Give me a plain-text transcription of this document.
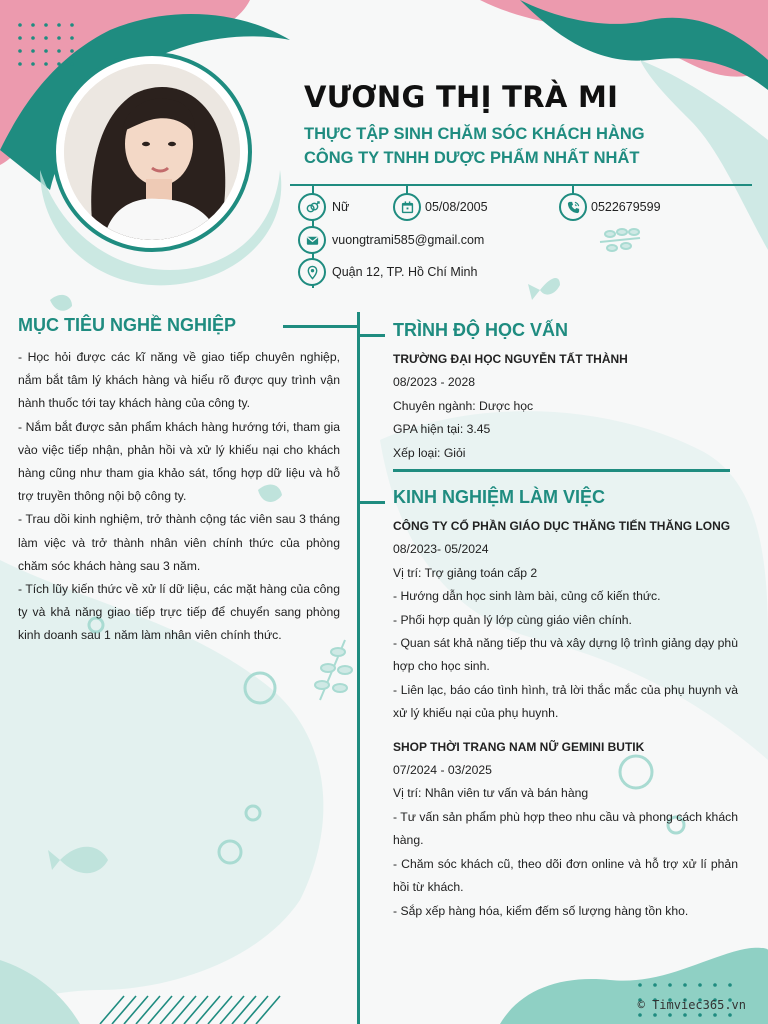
VƯƠNG THỊ TRÀ MI
THỰC TẬP SINH CHĂM SÓC KHÁCH HÀNG
CÔNG TY TNHH DƯỢC PHẨM NHẤT NHẤT
Nữ	05/08/2005	0522679599
vuongtrami585@gmail.com
Quận 12, TP. Hồ Chí Minh
MỤC TIÊU NGHỀ NGHIỆP

- Học hỏi được các kĩ năng về giao tiếp chuyên nghiệp, nắm bắt tâm lý khách hàng và hiểu rõ được quy trình vận hành thuốc tới tay khách hàng của công ty.

- Nắm bắt được sản phẩm khách hàng hướng tới, tham gia vào việc tiếp nhận, phản hồi và xử lý khiếu nại cho khách hàng cũng như tham gia khảo sát, tổng hợp dữ liệu và hỗ trợ truyền thông nội bộ công ty.

- Trau dồi kinh nghiệm, trở thành cộng tác viên sau 3 tháng làm việc và trở thành nhân viên chính thức của phòng chăm sóc khách hàng sau 3 năm.

- Tích lũy kiến thức về xử lí dữ liệu, các mặt hàng của công ty và khả năng giao tiếp trực tiếp để chuyển sang phòng kinh doanh sau 1 năm làm nhân viên chính thức.

TRÌNH ĐỘ HỌC VẤN
TRƯỜNG ĐẠI HỌC NGUYỄN TẤT THÀNH
08/2023 - 2028
Chuyên ngành: Dược học
GPA hiện tại: 3.45
Xếp loại: Giỏi
KINH NGHIỆM LÀM VIỆC
CÔNG TY CỔ PHẦN GIÁO DỤC THĂNG TIẾN THĂNG LONG
08/2023- 05/2024
Vị trí: Trợ giảng toán cấp 2

- Hướng dẫn học sinh làm bài, củng cố kiến thức.

- Phối hợp quản lý lớp cùng giáo viên chính.

- Quan sát khả năng tiếp thu và xây dựng lộ trình giảng dạy phù hợp cho học sinh.

- Liên lạc, báo cáo tình hình, trả lời thắc mắc của phụ huynh và xử lý khiếu nại của phụ huynh.

SHOP THỜI TRANG NAM NỮ GEMINI BUTIK
07/2024 - 03/2025
Vị trí: Nhân viên tư vấn và bán hàng

- Tư vấn sản phẩm phù hợp theo nhu cầu và phong cách khách hàng.

- Chăm sóc khách cũ, theo dõi đơn online và hỗ trợ xử lí phản hồi từ khách.

- Sắp xếp hàng hóa, kiểm đếm số lượng hàng tồn kho.

© Timviec365.vn
